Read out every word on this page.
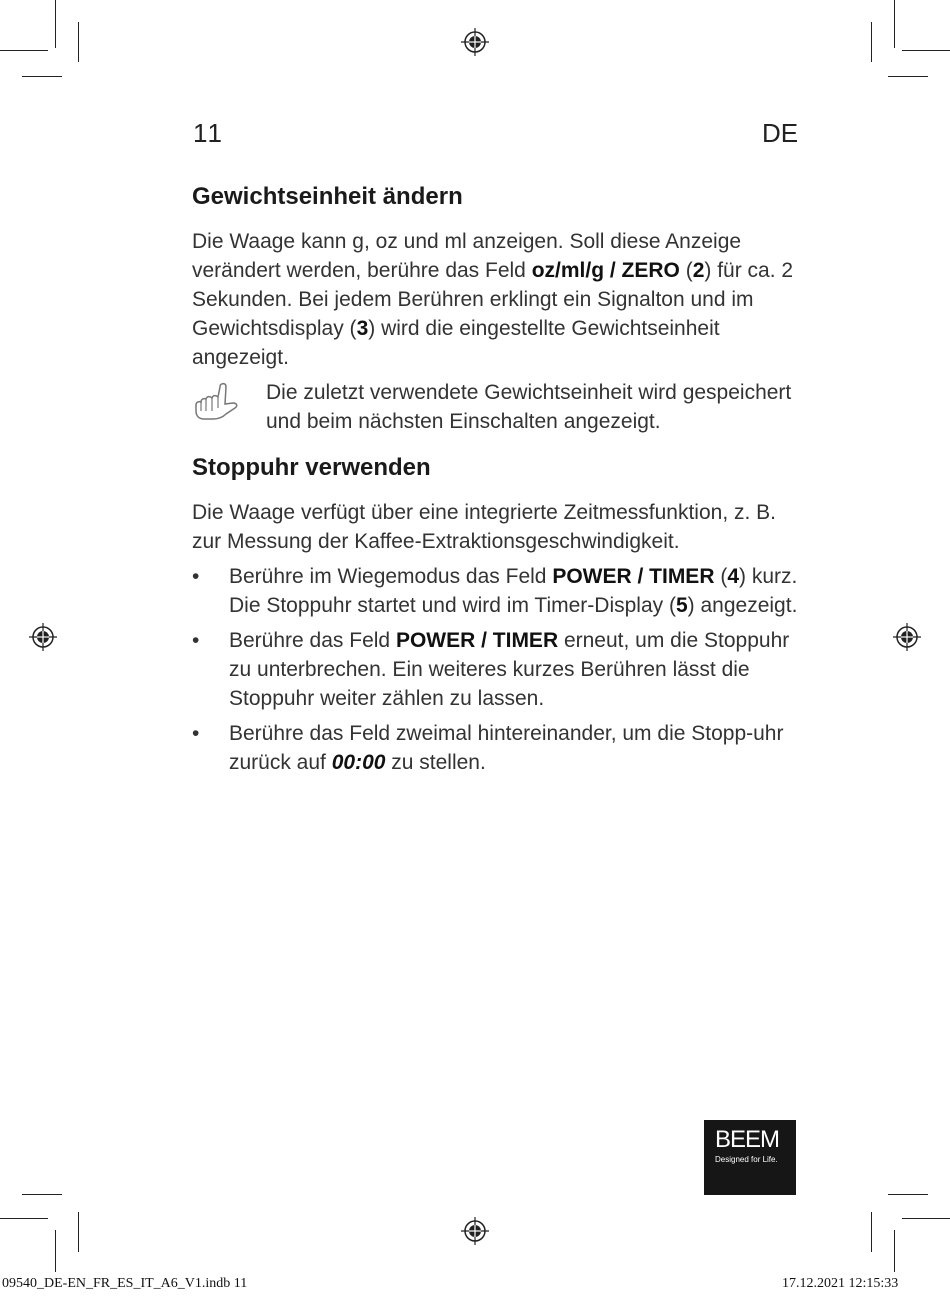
11	DE
Gewichtseinheit ändern

Die Waage kann g, oz und ml anzeigen. Soll diese Anzeige verändert werden, berühre das Feld oz/ml/g / ZERO (2) für ca. 2 Sekunden. Bei jedem Berühren erklingt ein Signalton und im Gewichtsdisplay (3) wird die eingestellte Gewichtseinheit angezeigt.

Die zuletzt verwendete Gewichtseinheit wird gespeichert und beim nächsten Einschalten angezeigt.
Stoppuhr verwenden

Die Waage verfügt über eine integrierte Zeitmessfunktion, z. B. zur Messung der Kaffee-Extraktionsgeschwindigkeit.

• Berühre im Wiegemodus das Feld POWER / TIMER (4) kurz. Die Stoppuhr startet und wird im Timer-Display (5) angezeigt.
• Berühre das Feld POWER / TIMER erneut, um die Stoppuhr zu unterbrechen. Ein weiteres kurzes Berühren lässt die Stoppuhr weiter zählen zu lassen.
• Berühre das Feld zweimal hintereinander, um die Stopp-uhr zurück auf 00:00 zu stellen.
BEEM
Designed for Life.
09540_DE-EN_FR_ES_IT_A6_V1.indb 11	17.12.2021 12:15:33
